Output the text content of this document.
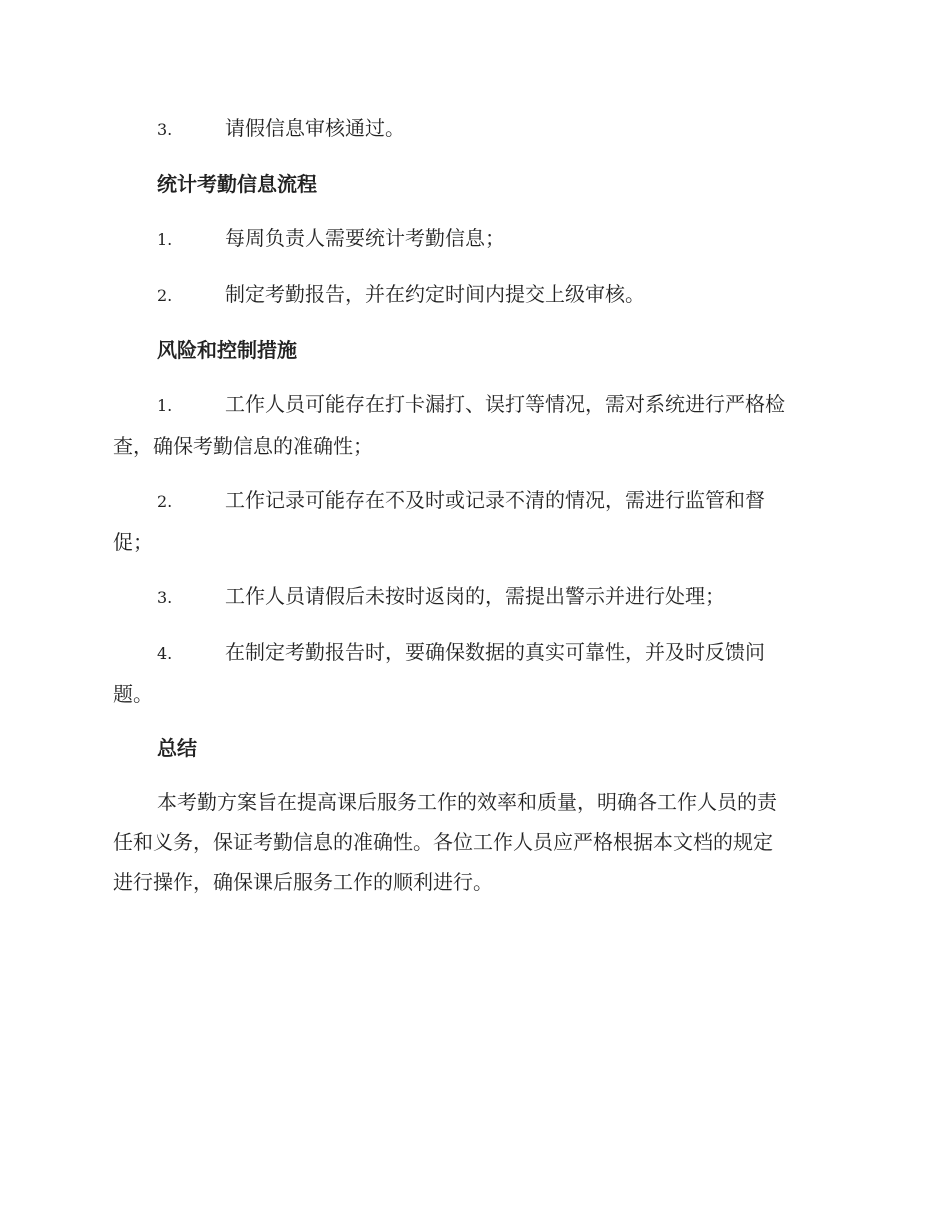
3.	请假信息审核通过。
统计考勤信息流程
1.	每周负责人需要统计考勤信息；
2.	制定考勤报告，并在约定时间内提交上级审核。
风险和控制措施
1.	工作人员可能存在打卡漏打、误打等情况，需对系统进行严格检
查，确保考勤信息的准确性；
2.	工作记录可能存在不及时或记录不清的情况，需进行监管和督
促；
3.	工作人员请假后未按时返岗的，需提出警示并进行处理；
4.	在制定考勤报告时，要确保数据的真实可靠性，并及时反馈问
题。
总结
本考勤方案旨在提高课后服务工作的效率和质量，明确各工作人员的责
任和义务，保证考勤信息的准确性。各位工作人员应严格根据本文档的规定
进行操作，确保课后服务工作的顺利进行。
